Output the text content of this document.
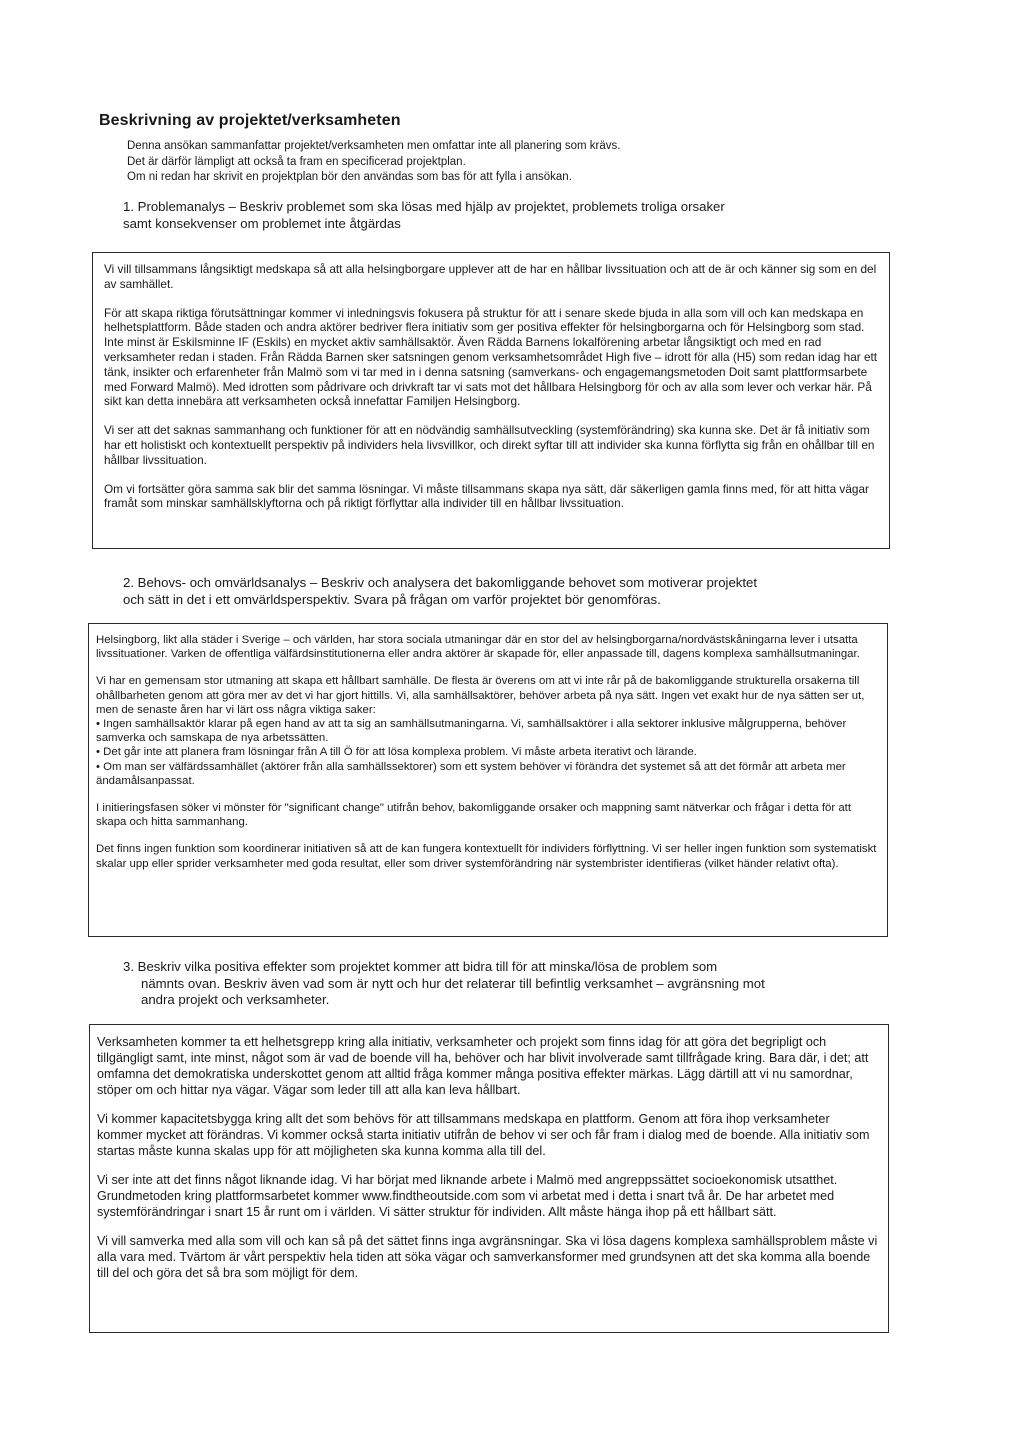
Beskrivning av projektet/verksamheten

Denna ansökan sammanfattar projektet/verksamheten men omfattar inte all planering som krävs.

Det är därför lämpligt att också ta fram en specificerad projektplan.

Om ni redan har skrivit en projektplan bör den användas som bas för att fylla i ansökan.

1. Problemanalys – Beskriv problemet som ska lösas med hjälp av projektet, problemets troliga orsaker
samt konsekvenser om problemet inte åtgärdas

Vi vill tillsammans långsiktigt medskapa så att alla helsingborgare upplever att de har en hållbar livssituation och att de är och känner sig som en del av samhället.

För att skapa riktiga förutsättningar kommer vi inledningsvis fokusera på struktur för att i senare skede bjuda in alla som vill och kan medskapa en helhetsplattform. Både staden och andra aktörer bedriver flera initiativ som ger positiva effekter för helsingborgarna och för Helsingborg som stad. Inte minst är Eskilsminne IF (Eskils) en mycket aktiv samhällsaktör. Även Rädda Barnens lokalförening arbetar långsiktigt och med en rad verksamheter redan i staden. Från Rädda Barnen sker satsningen genom verksamhetsområdet High five – idrott för alla (H5) som redan idag har ett tänk, insikter och erfarenheter från Malmö som vi tar med in i denna satsning (samverkans- och engagemangsmetoden Doit samt plattformsarbete med Forward Malmö). Med idrotten som pådrivare och drivkraft tar vi sats mot det hållbara Helsingborg för och av alla som lever och verkar här. På sikt kan detta innebära att verksamheten också innefattar Familjen Helsingborg.

Vi ser att det saknas sammanhang och funktioner för att en nödvändig samhällsutveckling (systemförändring) ska kunna ske. Det är få initiativ som har ett holistiskt och kontextuellt perspektiv på individers hela livsvillkor, och direkt syftar till att individer ska kunna förflytta sig från en ohållbar till en hållbar livssituation.

Om vi fortsätter göra samma sak blir det samma lösningar. Vi måste tillsammans skapa nya sätt, där säkerligen gamla finns med, för att hitta vägar framåt som minskar samhällsklyftorna och på riktigt förflyttar alla individer till en hållbar livssituation.

2. Behovs- och omvärldsanalys – Beskriv och analysera det bakomliggande behovet som motiverar projektet
och sätt in det i ett omvärldsperspektiv. Svara på frågan om varför projektet bör genomföras.

Helsingborg, likt alla städer i Sverige – och världen, har stora sociala utmaningar där en stor del av helsingborgarna/nordvästskåningarna lever i utsatta livssituationer. Varken de offentliga välfärdsinstitutionerna eller andra aktörer är skapade för, eller anpassade till, dagens komplexa samhällsutmaningar.

Vi har en gemensam stor utmaning att skapa ett hållbart samhälle. De flesta är överens om att vi inte rår på de bakomliggande strukturella orsakerna till ohållbarheten genom att göra mer av det vi har gjort hittills. Vi, alla samhällsaktörer, behöver arbeta på nya sätt. Ingen vet exakt hur de nya sätten ser ut, men de senaste åren har vi lärt oss några viktiga saker:
• Ingen samhällsaktör klarar på egen hand av att ta sig an samhällsutmaningarna. Vi, samhällsaktörer i alla sektorer inklusive målgrupperna, behöver samverka och samskapa de nya arbetssätten.
• Det går inte att planera fram lösningar från A till Ö för att lösa komplexa problem. Vi måste arbeta iterativt och lärande.
• Om man ser välfärdssamhället (aktörer från alla samhällssektorer) som ett system behöver vi förändra det systemet så att det förmår att arbeta mer ändamålsanpassat.

I initieringsfasen söker vi mönster för "significant change" utifrån behov, bakomliggande orsaker och mappning samt nätverkar och frågar i detta för att skapa och hitta sammanhang.

Det finns ingen funktion som koordinerar initiativen så att de kan fungera kontextuellt för individers förflyttning. Vi ser heller ingen funktion som systematiskt skalar upp eller sprider verksamheter med goda resultat, eller som driver systemförändring när systembrister identifieras (vilket händer relativt ofta).

3. Beskriv vilka positiva effekter som projektet kommer att bidra till för att minska/lösa de problem som
nämnts ovan. Beskriv även vad som är nytt och hur det relaterar till befintlig verksamhet – avgränsning mot
andra projekt och verksamheter.

Verksamheten kommer ta ett helhetsgrepp kring alla initiativ, verksamheter och projekt som finns idag för att göra det begripligt och tillgängligt samt, inte minst, något som är vad de boende vill ha, behöver och har blivit involverade samt tillfrågade kring. Bara där, i det; att omfamna det demokratiska underskottet genom att alltid fråga kommer många positiva effekter märkas. Lägg därtill att vi nu samordnar, stöper om och hittar nya vägar. Vägar som leder till att alla kan leva hållbart.

Vi kommer kapacitetsbygga kring allt det som behövs för att tillsammans medskapa en plattform. Genom att föra ihop verksamheter kommer mycket att förändras. Vi kommer också starta initiativ utifrån de behov vi ser och får fram i dialog med de boende. Alla initiativ som startas måste kunna skalas upp för att möjligheten ska kunna komma alla till del.

Vi ser inte att det finns något liknande idag. Vi har börjat med liknande arbete i Malmö med angreppssättet socioekonomisk utsatthet. Grundmetoden kring plattformsarbetet kommer www.findtheoutside.com som vi arbetat med i detta i snart två år. De har arbetet med systemförändringar i snart 15 år runt om i världen. Vi sätter struktur för individen. Allt måste hänga ihop på ett hållbart sätt.

Vi vill samverka med alla som vill och kan så på det sättet finns inga avgränsningar. Ska vi lösa dagens komplexa samhällsproblem måste vi alla vara med. Tvärtom är vårt perspektiv hela tiden att söka vägar och samverkansformer med grundsynen att det ska komma alla boende till del och göra det så bra som möjligt för dem.
